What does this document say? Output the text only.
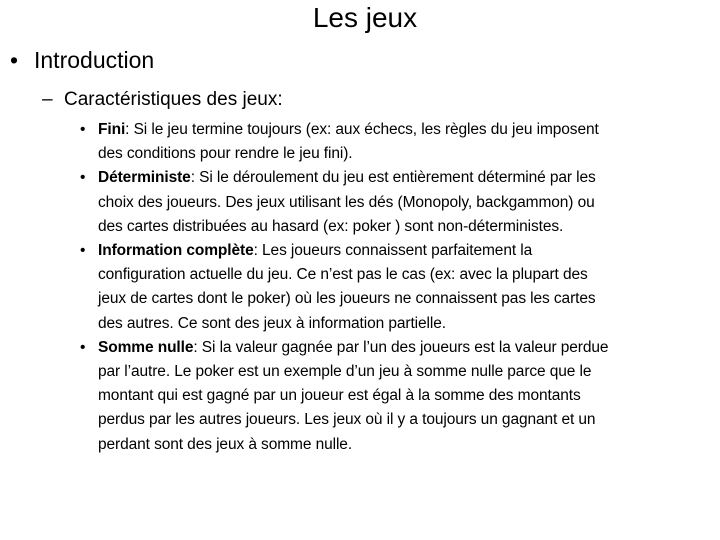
Les jeux
• Introduction
– Caractéristiques des jeux:
• Fini: Si le jeu termine toujours (ex: aux échecs, les règles du jeu imposent
des conditions pour rendre le jeu fini).
• Déterministe: Si le déroulement du jeu est entièrement déterminé par les
choix des joueurs. Des jeux utilisant les dés (Monopoly, backgammon) ou
des cartes distribuées au hasard (ex: poker ) sont non-déterministes.
• Information complète: Les joueurs connaissent parfaitement la
configuration actuelle du jeu. Ce n’est pas le cas (ex: avec la plupart des
jeux de cartes dont le poker) où les joueurs ne connaissent pas les cartes
des autres. Ce sont des jeux à information partielle.
• Somme nulle: Si la valeur gagnée par l’un des joueurs est la valeur perdue
par l’autre. Le poker est un exemple d’un jeu à somme nulle parce que le
montant qui est gagné par un joueur est égal à la somme des montants
perdus par les autres joueurs. Les jeux où il y a toujours un gagnant et un
perdant sont des jeux à somme nulle.
